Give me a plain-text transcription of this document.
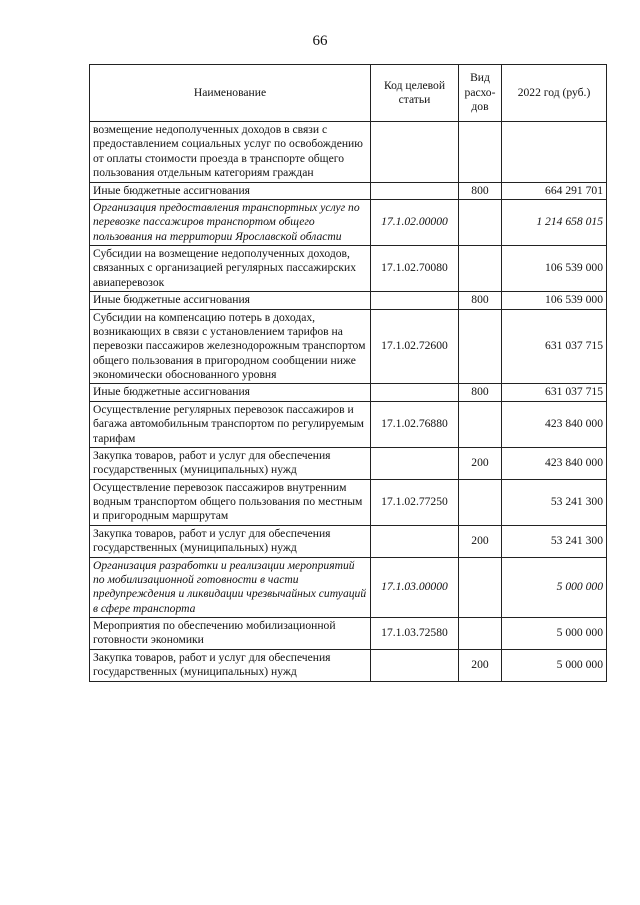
66
Наименование	Код целевой статьи	Вид расхо-дов	2022 год (руб.)
возмещение недополученных доходов в связи с предоставлением социальных услуг по освобождению от оплаты стоимости проезда в транспорте общего пользования отдельным категориям граждан			
Иные бюджетные ассигнования		800	664 291 701
Организация предоставления транспортных услуг по перевозке пассажиров транспортом общего пользования на территории Ярославской области	17.1.02.00000		1 214 658 015
Субсидии на возмещение недополученных доходов, связанных с организацией регулярных пассажирских авиаперевозок	17.1.02.70080		106 539 000
Иные бюджетные ассигнования		800	106 539 000
Субсидии на компенсацию потерь в доходах, возникающих в связи с установлением тарифов на перевозки пассажиров железнодорожным транспортом общего пользования в пригородном сообщении ниже экономически обоснованного уровня	17.1.02.72600		631 037 715
Иные бюджетные ассигнования		800	631 037 715
Осуществление регулярных перевозок пассажиров и багажа автомобильным транспортом по регулируемым тарифам	17.1.02.76880		423 840 000
Закупка товаров, работ и услуг для обеспечения государственных (муниципальных) нужд		200	423 840 000
Осуществление перевозок пассажиров внутренним водным транспортом общего пользования по местным и пригородным маршрутам	17.1.02.77250		53 241 300
Закупка товаров, работ и услуг для обеспечения государственных (муниципальных) нужд		200	53 241 300
Организация разработки и реализации мероприятий по мобилизационной готовности в части предупреждения и ликвидации чрезвычайных ситуаций в сфере транспорта	17.1.03.00000		5 000 000
Мероприятия по обеспечению мобилизационной готовности экономики	17.1.03.72580		5 000 000
Закупка товаров, работ и услуг для обеспечения государственных (муниципальных) нужд		200	5 000 000
